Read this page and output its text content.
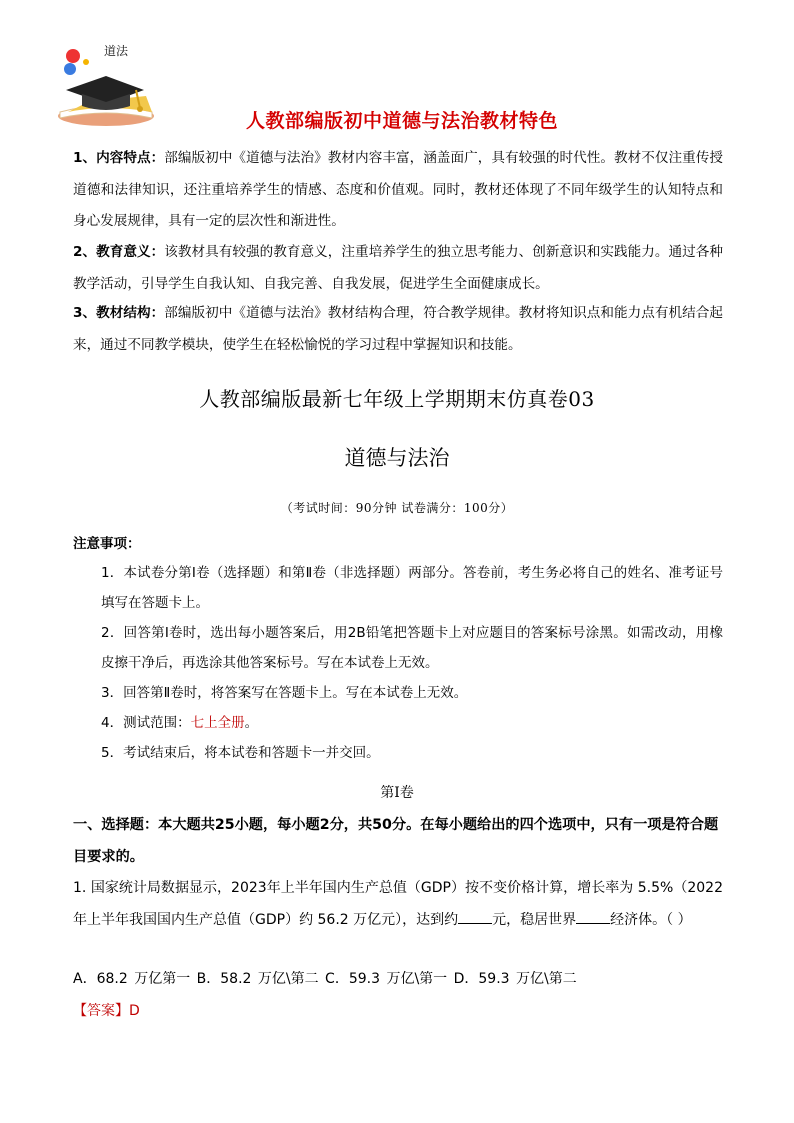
道法
人教部编版初中道德与法治教材特色
1、内容特点：部编版初中《道德与法治》教材内容丰富，涵盖面广，具有较强的时代性。教材不仅注重传授道德和法律知识，还注重培养学生的情感、态度和价值观。同时，教材还体现了不同年级学生的认知特点和身心发展规律，具有一定的层次性和渐进性。
2、教育意义：该教材具有较强的教育意义，注重培养学生的独立思考能力、创新意识和实践能力。通过各种教学活动，引导学生自我认知、自我完善、自我发展，促进学生全面健康成长。
3、教材结构：部编版初中《道德与法治》教材结构合理，符合教学规律。教材将知识点和能力点有机结合起来，通过不同教学模块，使学生在轻松愉悦的学习过程中掌握知识和技能。
人教部编版最新七年级上学期期末仿真卷03
道德与法治
（考试时间：90分钟 试卷满分：100分）
注意事项：
1．本试卷分第Ⅰ卷（选择题）和第Ⅱ卷（非选择题）两部分。答卷前，考生务必将自己的姓名、准考证号填写在答题卡上。
2．回答第Ⅰ卷时，选出每小题答案后，用2B铅笔把答题卡上对应题目的答案标号涂黑。如需改动，用橡皮擦干净后，再选涂其他答案标号。写在本试卷上无效。
3．回答第Ⅱ卷时，将答案写在答题卡上。写在本试卷上无效。
4．测试范围：七上全册。
5．考试结束后，将本试卷和答题卡一并交回。
第Ⅰ卷
一、选择题：本大题共25小题，每小题2分，共50分。在每小题给出的四个选项中，只有一项是符合题目要求的。
1. 国家统计局数据显示，2023年上半年国内生产总值（GDP）按不变价格计算，增长率为 5.5%（2022年上半年我国国内生产总值（GDP）约 56.2 万亿元），达到约 元，稳居世界 经济体。（ ）
A．68.2 万亿第一 B．58.2 万亿\第二 C．59.3 万亿\第一 D．59.3 万亿\第二
【答案】D
